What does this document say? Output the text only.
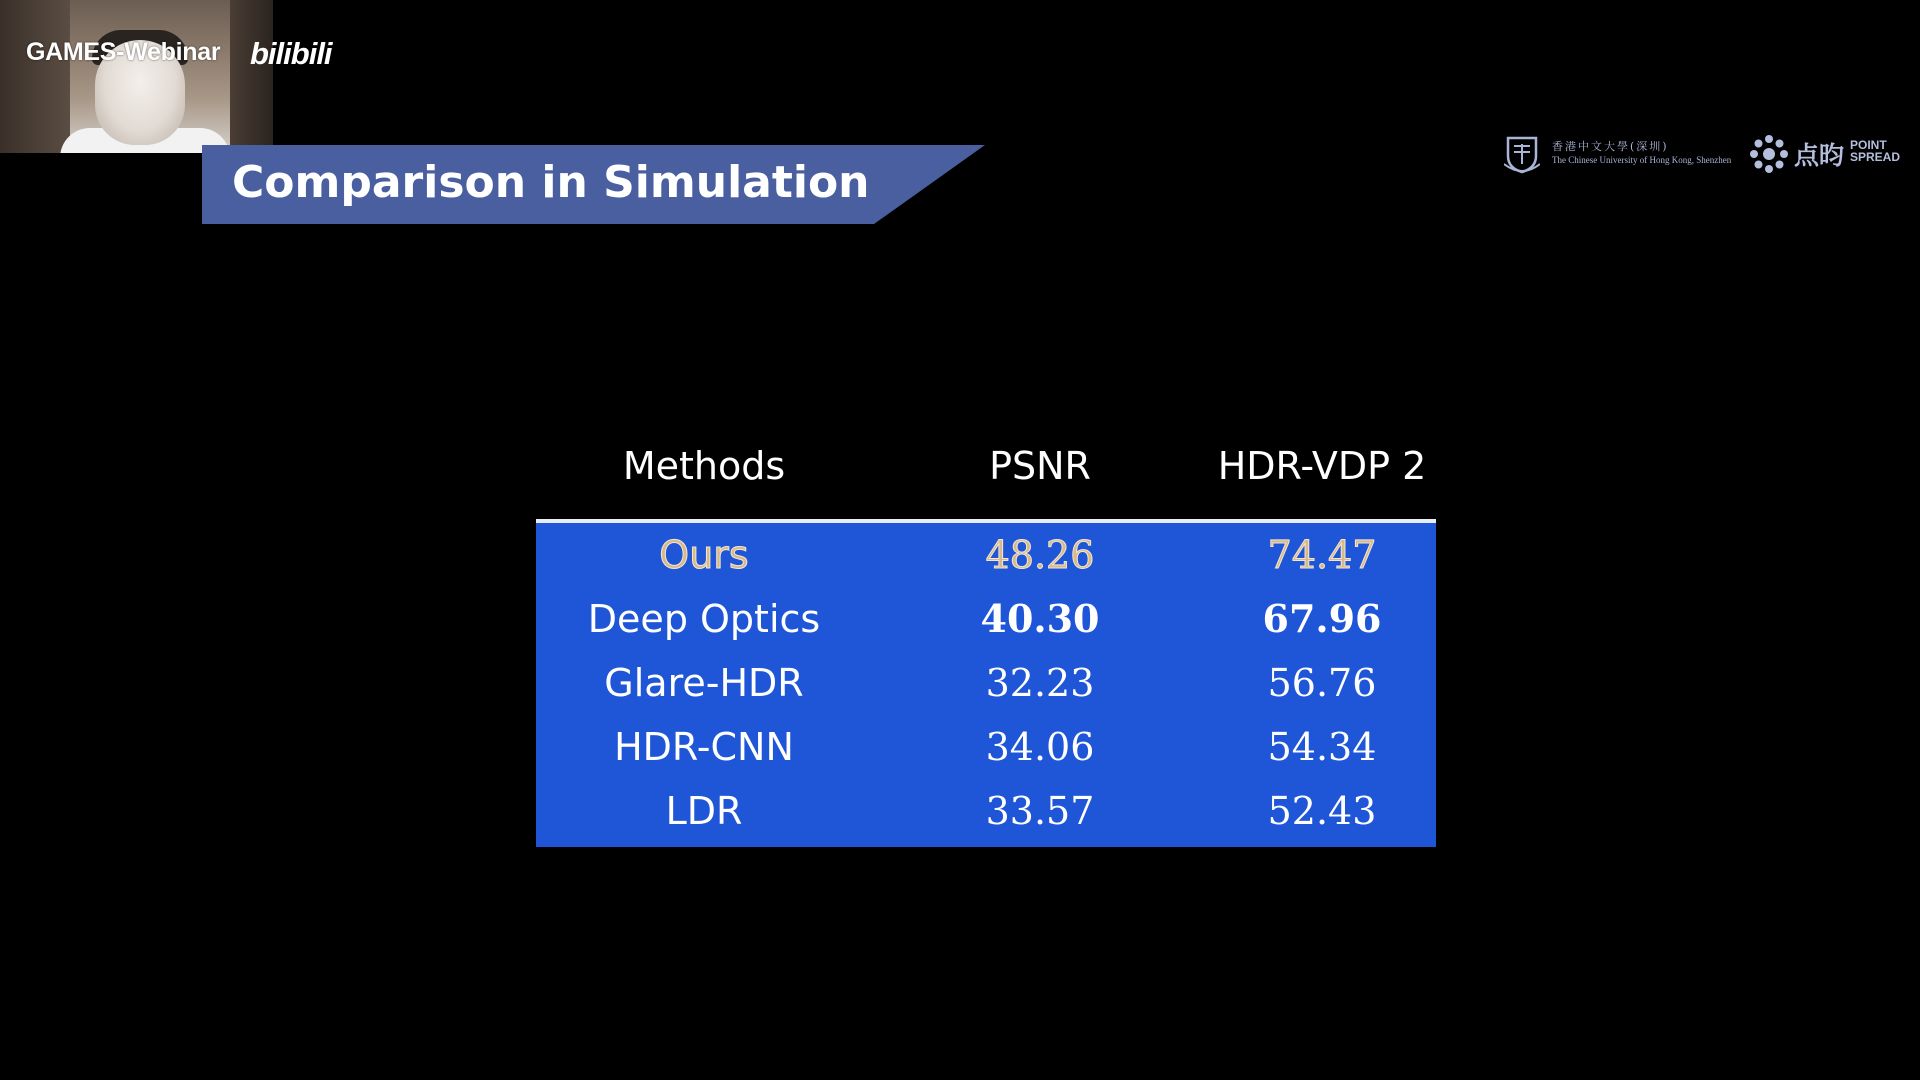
GAMES-Webinar bilibili
Comparison in Simulation
香港中文大學(深圳)
The Chinese University of Hong Kong, Shenzhen	点昀 POINT SPREAD
Methods	PSNR	HDR-VDP 2
Ours	48.26	74.47
Deep Optics	40.30	67.96
Glare-HDR	32.23	56.76
HDR-CNN	34.06	54.34
LDR	33.57	52.43
